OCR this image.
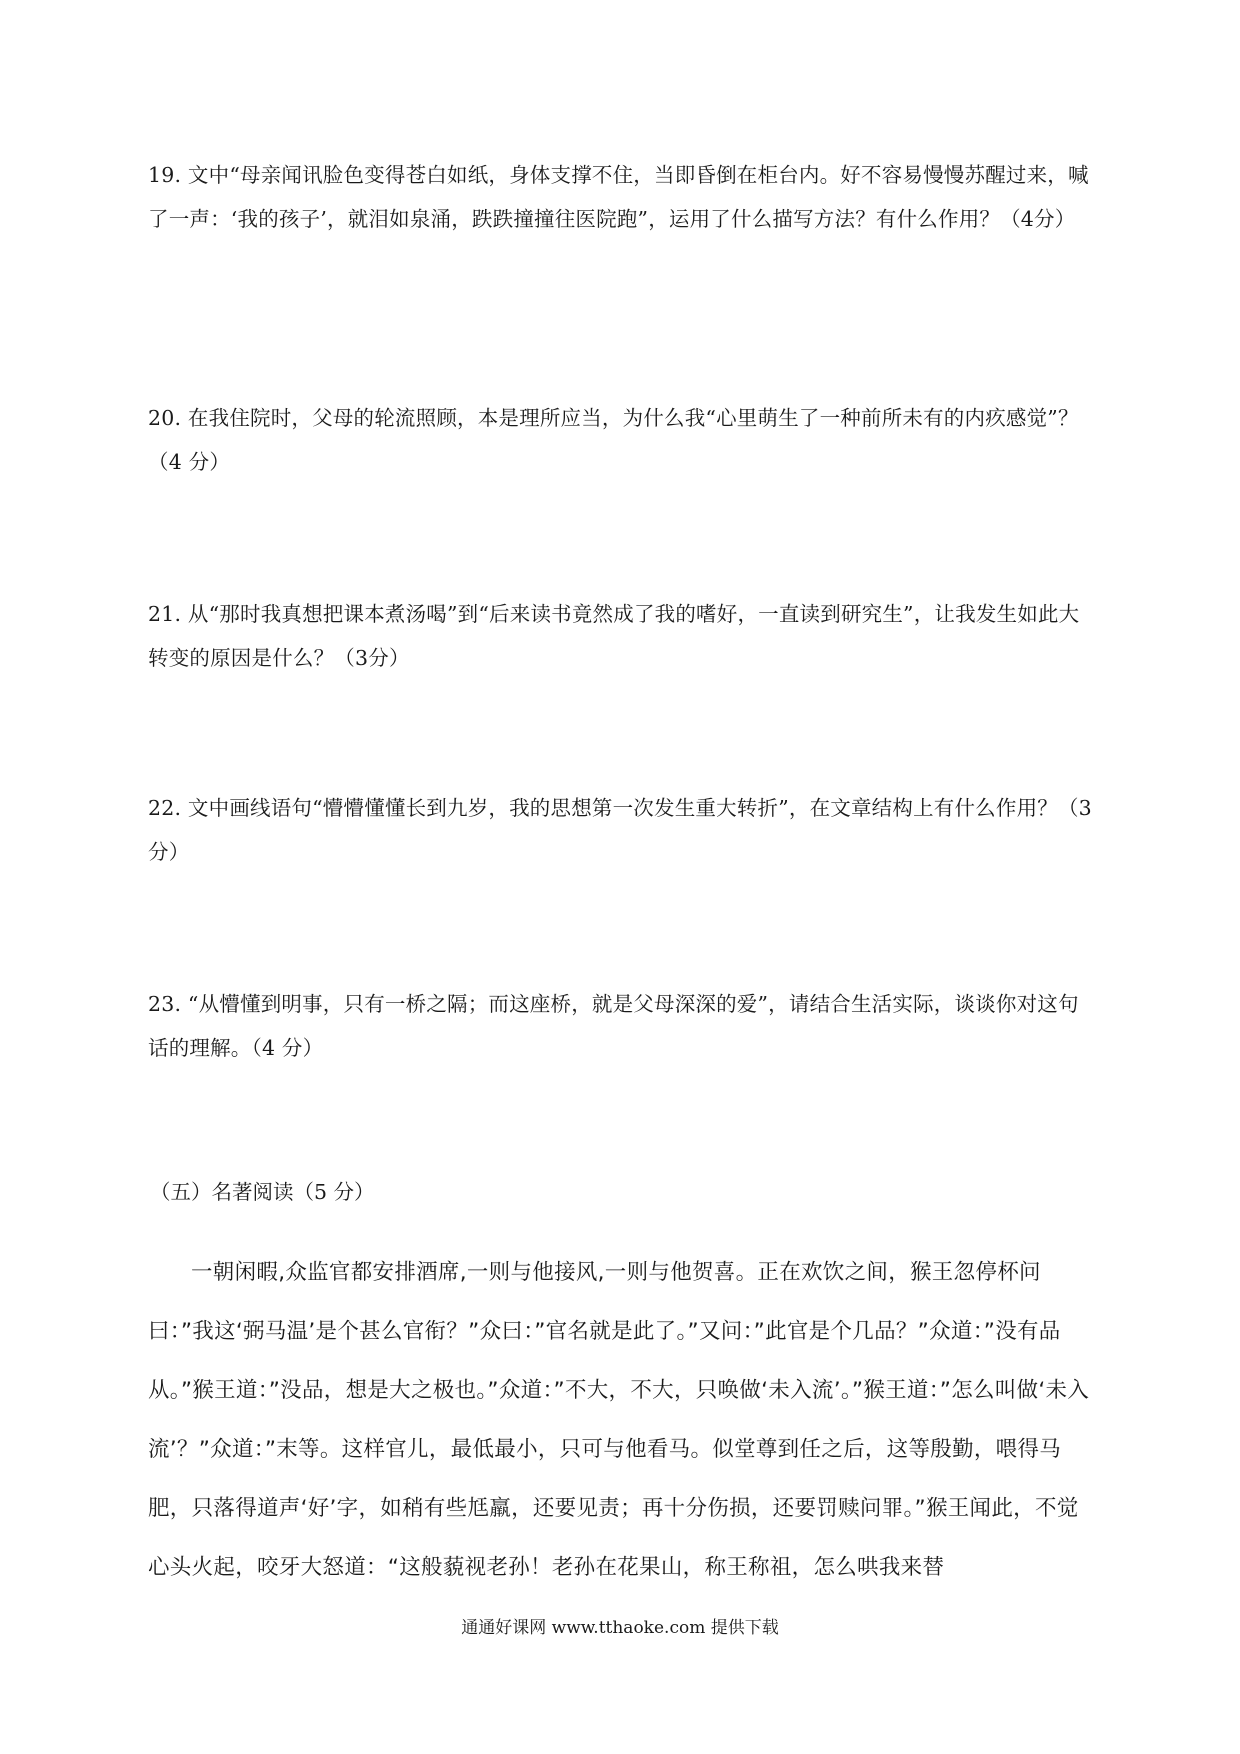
19. 文中“母亲闻讯脸色变得苍白如纸，身体支撑不住，当即昏倒在柜台内。好不容易慢慢苏醒过来，喊了一声：‘我的孩子’，就泪如泉涌，跌跌撞撞往医院跑”，运用了什么描写方法？有什么作用？（4分）

20. 在我住院时，父母的轮流照顾，本是理所应当，为什么我“心里萌生了一种前所未有的内疚感觉”？（4 分）

21. 从“那时我真想把课本煮汤喝”到“后来读书竟然成了我的嗜好，一直读到研究生”，让我发生如此大转变的原因是什么？（3分）

22. 文中画线语句“懵懵懂懂长到九岁，我的思想第一次发生重大转折”，在文章结构上有什么作用？（3 分）

23. “从懵懂到明事，只有一桥之隔；而这座桥，就是父母深深的爱”，请结合生活实际，谈谈你对这句话的理解。（4 分）

（五）名著阅读（5 分）

一朝闲暇,众监官都安排酒席,一则与他接风,一则与他贺喜。正在欢饮之间，猴王忽停杯问曰：”我这‘弼马温’是个甚么官衔？”众曰：”官名就是此了。”又问：”此官是个几品？”众道：”没有品从。”猴王道：”没品，想是大之极也。”众道：”不大，不大，只唤做‘未入流’。”猴王道：”怎么叫做‘未入流’？”众道：”末等。这样官儿，最低最小，只可与他看马。似堂尊到任之后，这等殷勤，喂得马肥，只落得道声‘好’字，如稍有些尪羸，还要见责；再十分伤损，还要罚赎问罪。”猴王闻此，不觉心头火起，咬牙大怒道：“这般藐视老孙！老孙在花果山，称王称祖，怎么哄我来替

通通好课网 www.tthaoke.com 提供下载
